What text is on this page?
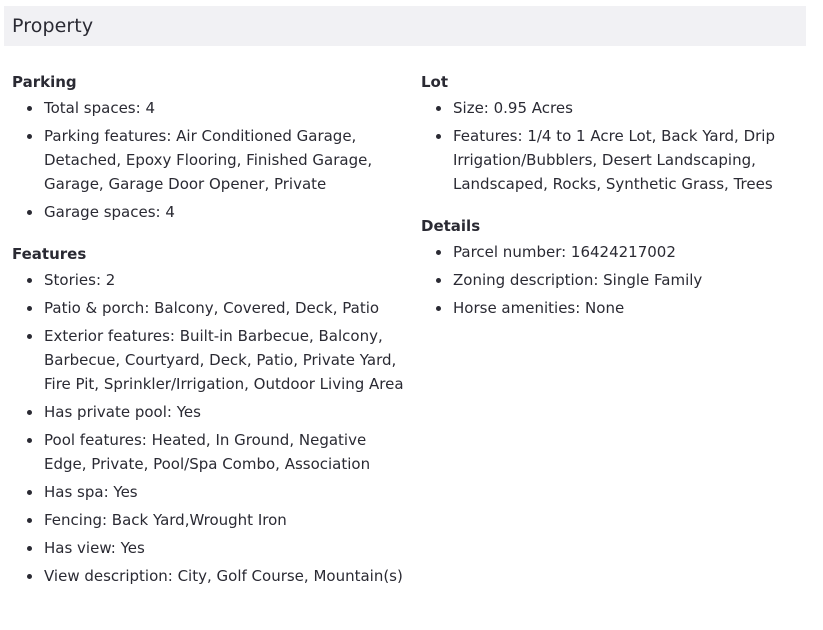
Property
Parking
Total spaces: 4
Parking features: Air Conditioned Garage, Detached, Epoxy Flooring, Finished Garage, Garage, Garage Door Opener, Private
Garage spaces: 4
Features
Stories: 2
Patio & porch: Balcony, Covered, Deck, Patio
Exterior features: Built-in Barbecue, Balcony, Barbecue, Courtyard, Deck, Patio, Private Yard, Fire Pit, Sprinkler/Irrigation, Outdoor Living Area
Has private pool: Yes
Pool features: Heated, In Ground, Negative Edge, Private, Pool/Spa Combo, Association
Has spa: Yes
Fencing: Back Yard,Wrought Iron
Has view: Yes
View description: City, Golf Course, Mountain(s)
Lot
Size: 0.95 Acres
Features: 1/4 to 1 Acre Lot, Back Yard, Drip Irrigation/Bubblers, Desert Landscaping, Landscaped, Rocks, Synthetic Grass, Trees
Details
Parcel number: 16424217002
Zoning description: Single Family
Horse amenities: None
